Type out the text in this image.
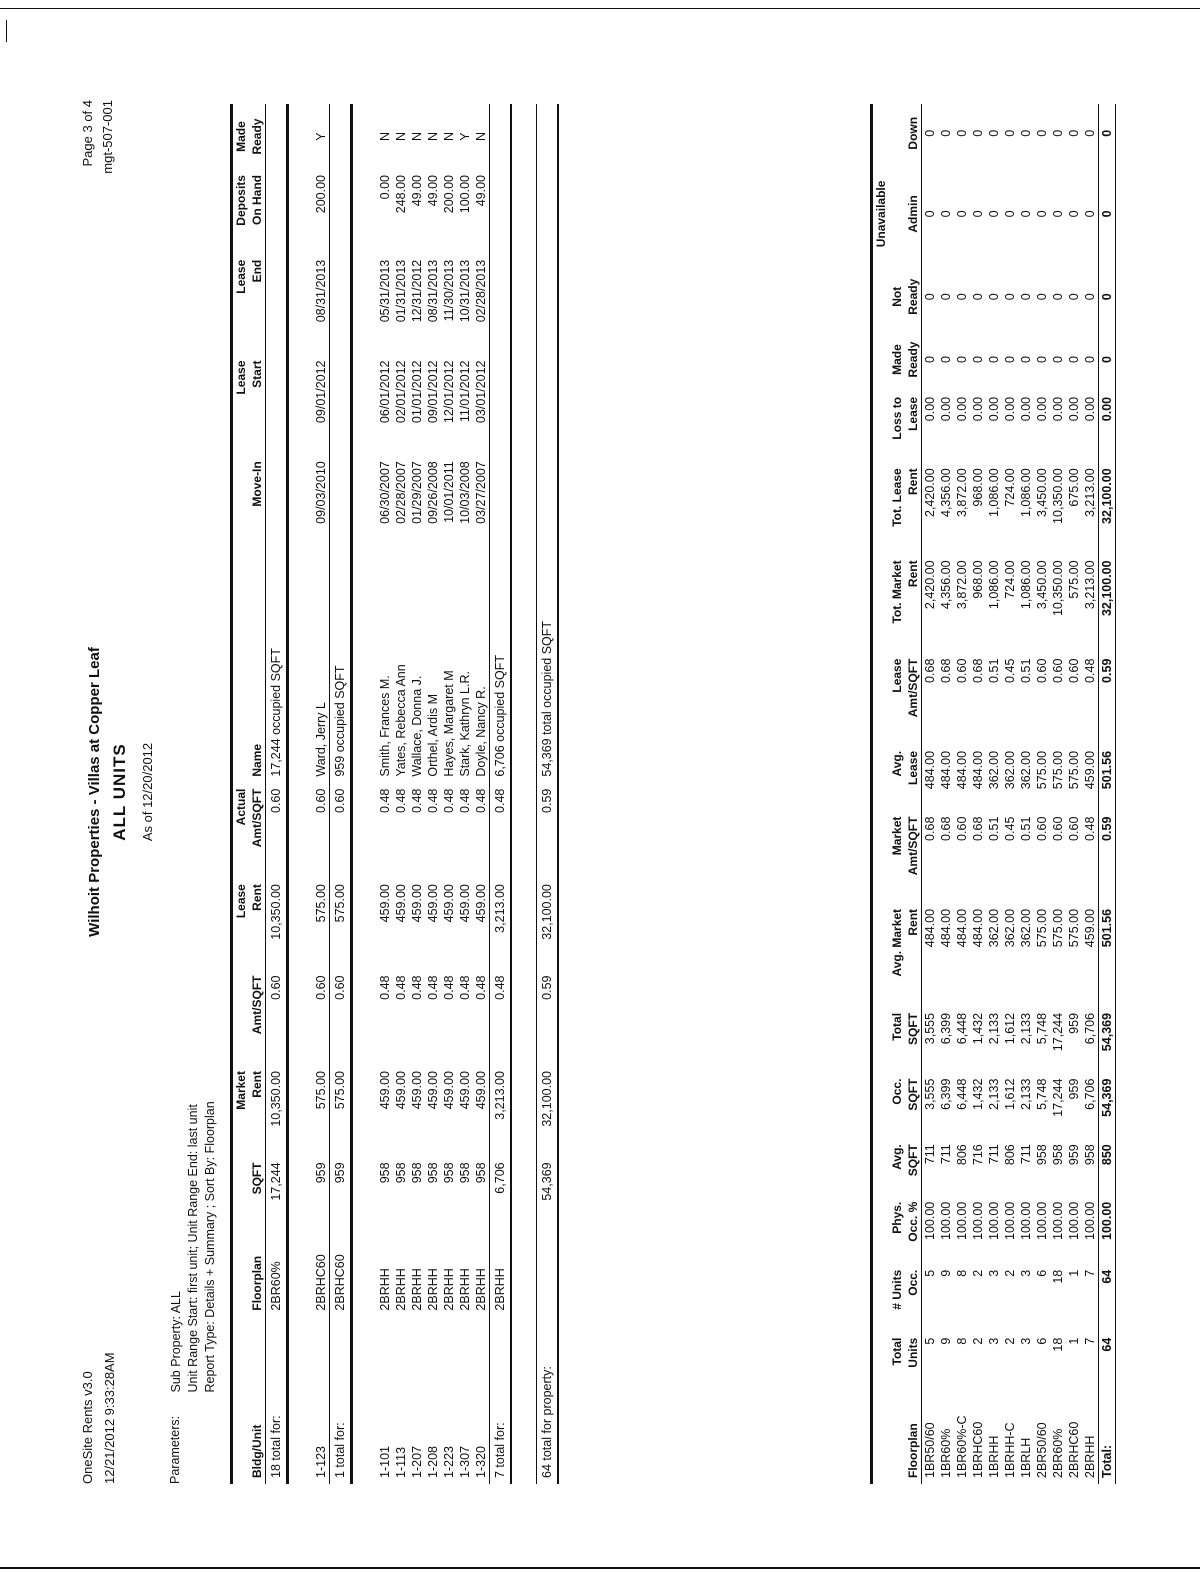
OneSite Rents v3.0 12/21/2012 9:33:28AM
Page 3 of 4 mgt-507-001
Wilhoit Properties - Villas at Copper Leaf ALL UNITS As of 12/20/2012
Parameters:
Sub Property: ALL Unit Range Start: first unit; Unit Range End: last unit Report Type: Details + Summary ; Sort By: Floorplan
			Market		Lease	Actual			Lease	Lease	Deposits	Made
Bldg/Unit	Floorplan	SQFT	Rent	Amt/SQFT	Rent	Amt/SQFT	Name	Move-In	Start	End	On Hand	Ready
18 total for:	2BR60%	17,244	10,350.00	0.60	10,350.00	0.60	17,244 occupied SQFT					

1-123	2BRHC60	959	575.00	0.60	575.00	0.60	Ward, Jerry L	09/03/2010	09/01/2012	08/31/2013	200.00	Y
1 total for:	2BRHC60	959	575.00	0.60	575.00	0.60	959 occupied SQFT					

1-101	2BRHH	958	459.00	0.48	459.00	0.48	Smith, Frances M.	06/30/2007	06/01/2012	05/31/2013	0.00	N
1-113	2BRHH	958	459.00	0.48	459.00	0.48	Yates, Rebecca Ann	02/28/2007	02/01/2012	01/31/2013	248.00	N
1-207	2BRHH	958	459.00	0.48	459.00	0.48	Wallace, Donna J.	01/29/2007	01/01/2012	12/31/2012	49.00	N
1-208	2BRHH	958	459.00	0.48	459.00	0.48	Orthel, Ardis M	09/26/2008	09/01/2012	08/31/2013	49.00	N
1-223	2BRHH	958	459.00	0.48	459.00	0.48	Hayes, Margaret M	10/01/2011	12/01/2012	11/30/2013	200.00	N
1-307	2BRHH	958	459.00	0.48	459.00	0.48	Stark, Kathryn L.R.	10/03/2008	11/01/2012	10/31/2013	100.00	Y
1-320	2BRHH	958	459.00	0.48	459.00	0.48	Doyle, Nancy R.	03/27/2007	03/01/2012	02/28/2013	49.00	N
7 total for:	2BRHH	6,706	3,213.00	0.48	3,213.00	0.48	6,706 occupied SQFT					

64 total for property:		54,369	32,100.00	0.59	32,100.00	0.59	54,369 total occupied SQFT					
																Unavailable	
	Total	# Units	Phys.	Avg.	Occ.	Total	Avg. Market	Market	Avg.	Lease	Tot. Market	Tot. Lease	Loss to	Made	Not		
Floorplan	Units	Occ.	Occ. %	SQFT	SQFT	SQFT	Rent	Amt/SQFT	Lease	Amt/SQFT	Rent	Rent	Lease	Ready	Ready	Admin	Down
1BR50/60	5	5	100.00	711	3,555	3,555	484.00	0.68	484.00	0.68	2,420.00	2,420.00	0.00	0	0	0	0
1BR60%	9	9	100.00	711	6,399	6,399	484.00	0.68	484.00	0.68	4,356.00	4,356.00	0.00	0	0	0	0
1BR60%-C	8	8	100.00	806	6,448	6,448	484.00	0.60	484.00	0.60	3,872.00	3,872.00	0.00	0	0	0	0
1BRHC60	2	2	100.00	716	1,432	1,432	484.00	0.68	484.00	0.68	968.00	968.00	0.00	0	0	0	0
1BRHH	3	3	100.00	711	2,133	2,133	362.00	0.51	362.00	0.51	1,086.00	1,086.00	0.00	0	0	0	0
1BRHH-C	2	2	100.00	806	1,612	1,612	362.00	0.45	362.00	0.45	724.00	724.00	0.00	0	0	0	0
1BRLH	3	3	100.00	711	2,133	2,133	362.00	0.51	362.00	0.51	1,086.00	1,086.00	0.00	0	0	0	0
2BR50/60	6	6	100.00	958	5,748	5,748	575.00	0.60	575.00	0.60	3,450.00	3,450.00	0.00	0	0	0	0
2BR60%	18	18	100.00	958	17,244	17,244	575.00	0.60	575.00	0.60	10,350.00	10,350.00	0.00	0	0	0	0
2BRHC60	1	1	100.00	959	959	959	575.00	0.60	575.00	0.60	575.00	675.00	0.00	0	0	0	0
2BRHH	7	7	100.00	958	6,706	6,706	459.00	0.48	459.00	0.48	3,213.00	3,213.00	0.00	0	0	0	0
Total:	64	64	100.00	850	54,369	54,369	501.56	0.59	501.56	0.59	32,100.00	32,100.00	0.00	0	0	0	0
